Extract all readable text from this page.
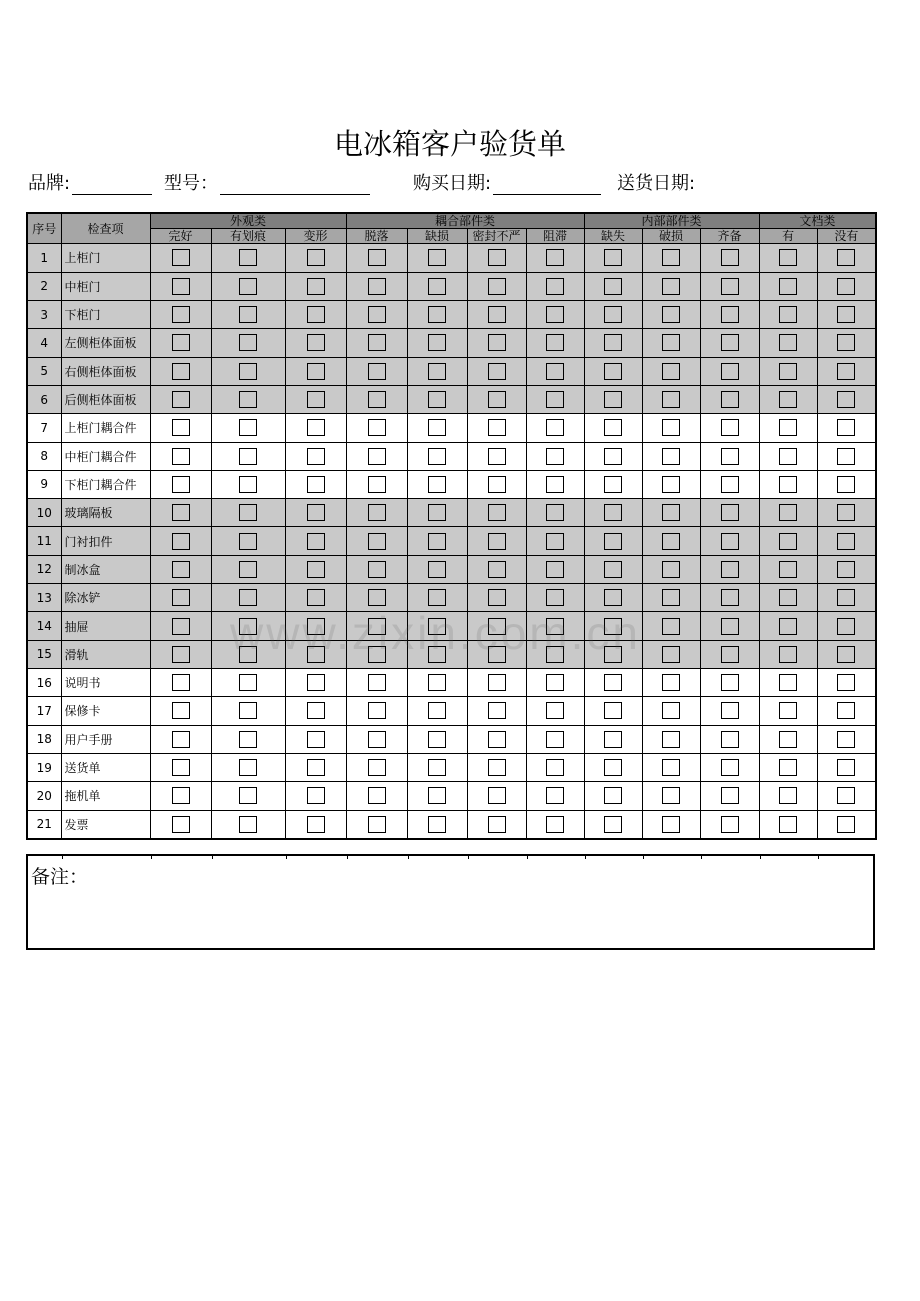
电冰箱客户验货单
品牌:	型号：	购买日期:	送货日期:
序号	检查项	外观类			耦合部件类				内部部件类			文档类	
		完好	有划痕	变形	脱落	缺损	密封不严	阻滞	缺失	破损	齐备	有	没有
1	上柜门												
2	中柜门												
3	下柜门												
4	左侧柜体面板												
5	右侧柜体面板												
6	后侧柜体面板												
7	上柜门耦合件												
8	中柜门耦合件												
9	下柜门耦合件												
10	玻璃隔板												
11	门衬扣件												
12	制冰盒												
13	除冰铲												
14	抽屉												
15	滑轨												
16	说明书												
17	保修卡												
18	用户手册												
19	送货单												
20	拖机单												
21	发票												
备注：
